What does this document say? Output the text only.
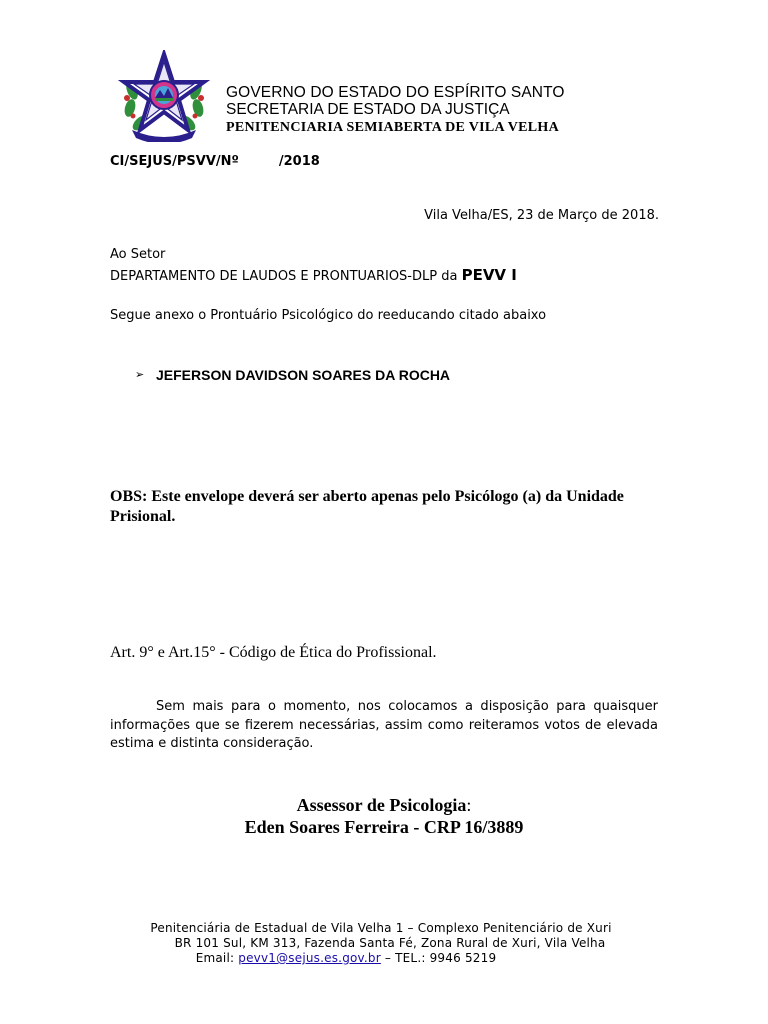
GOVERNO DO ESTADO DO ESPÍRITO SANTO
SECRETARIA DE ESTADO DA JUSTIÇA
PENITENCIARIA SEMIABERTA DE VILA VELHA
CI/SEJUS/PSVV/Nº	/2018
Vila Velha/ES, 23 de Março de 2018.
Ao Setor
DEPARTAMENTO DE LAUDOS E PRONTUARIOS-DLP da PEVV I
Segue anexo o Prontuário Psicológico do reeducando citado abaixo
➢ JEFERSON DAVIDSON SOARES DA ROCHA
OBS: Este envelope deverá ser aberto apenas pelo Psicólogo (a) da Unidade Prisional.
Art. 9° e Art.15° - Código de Ética do Profissional.
Sem mais para o momento, nos colocamos a disposição para quaisquer informações que se fizerem necessárias, assim como reiteramos votos de elevada estima e distinta consideração.
Assessor de Psicologia:
Eden Soares Ferreira - CRP 16/3889
Penitenciária de Estadual de Vila Velha 1 – Complexo Penitenciário de Xuri
BR 101 Sul, KM 313, Fazenda Santa Fé, Zona Rural de Xuri, Vila Velha
Email: pevv1@sejus.es.gov.br – TEL.: 9946 5219
